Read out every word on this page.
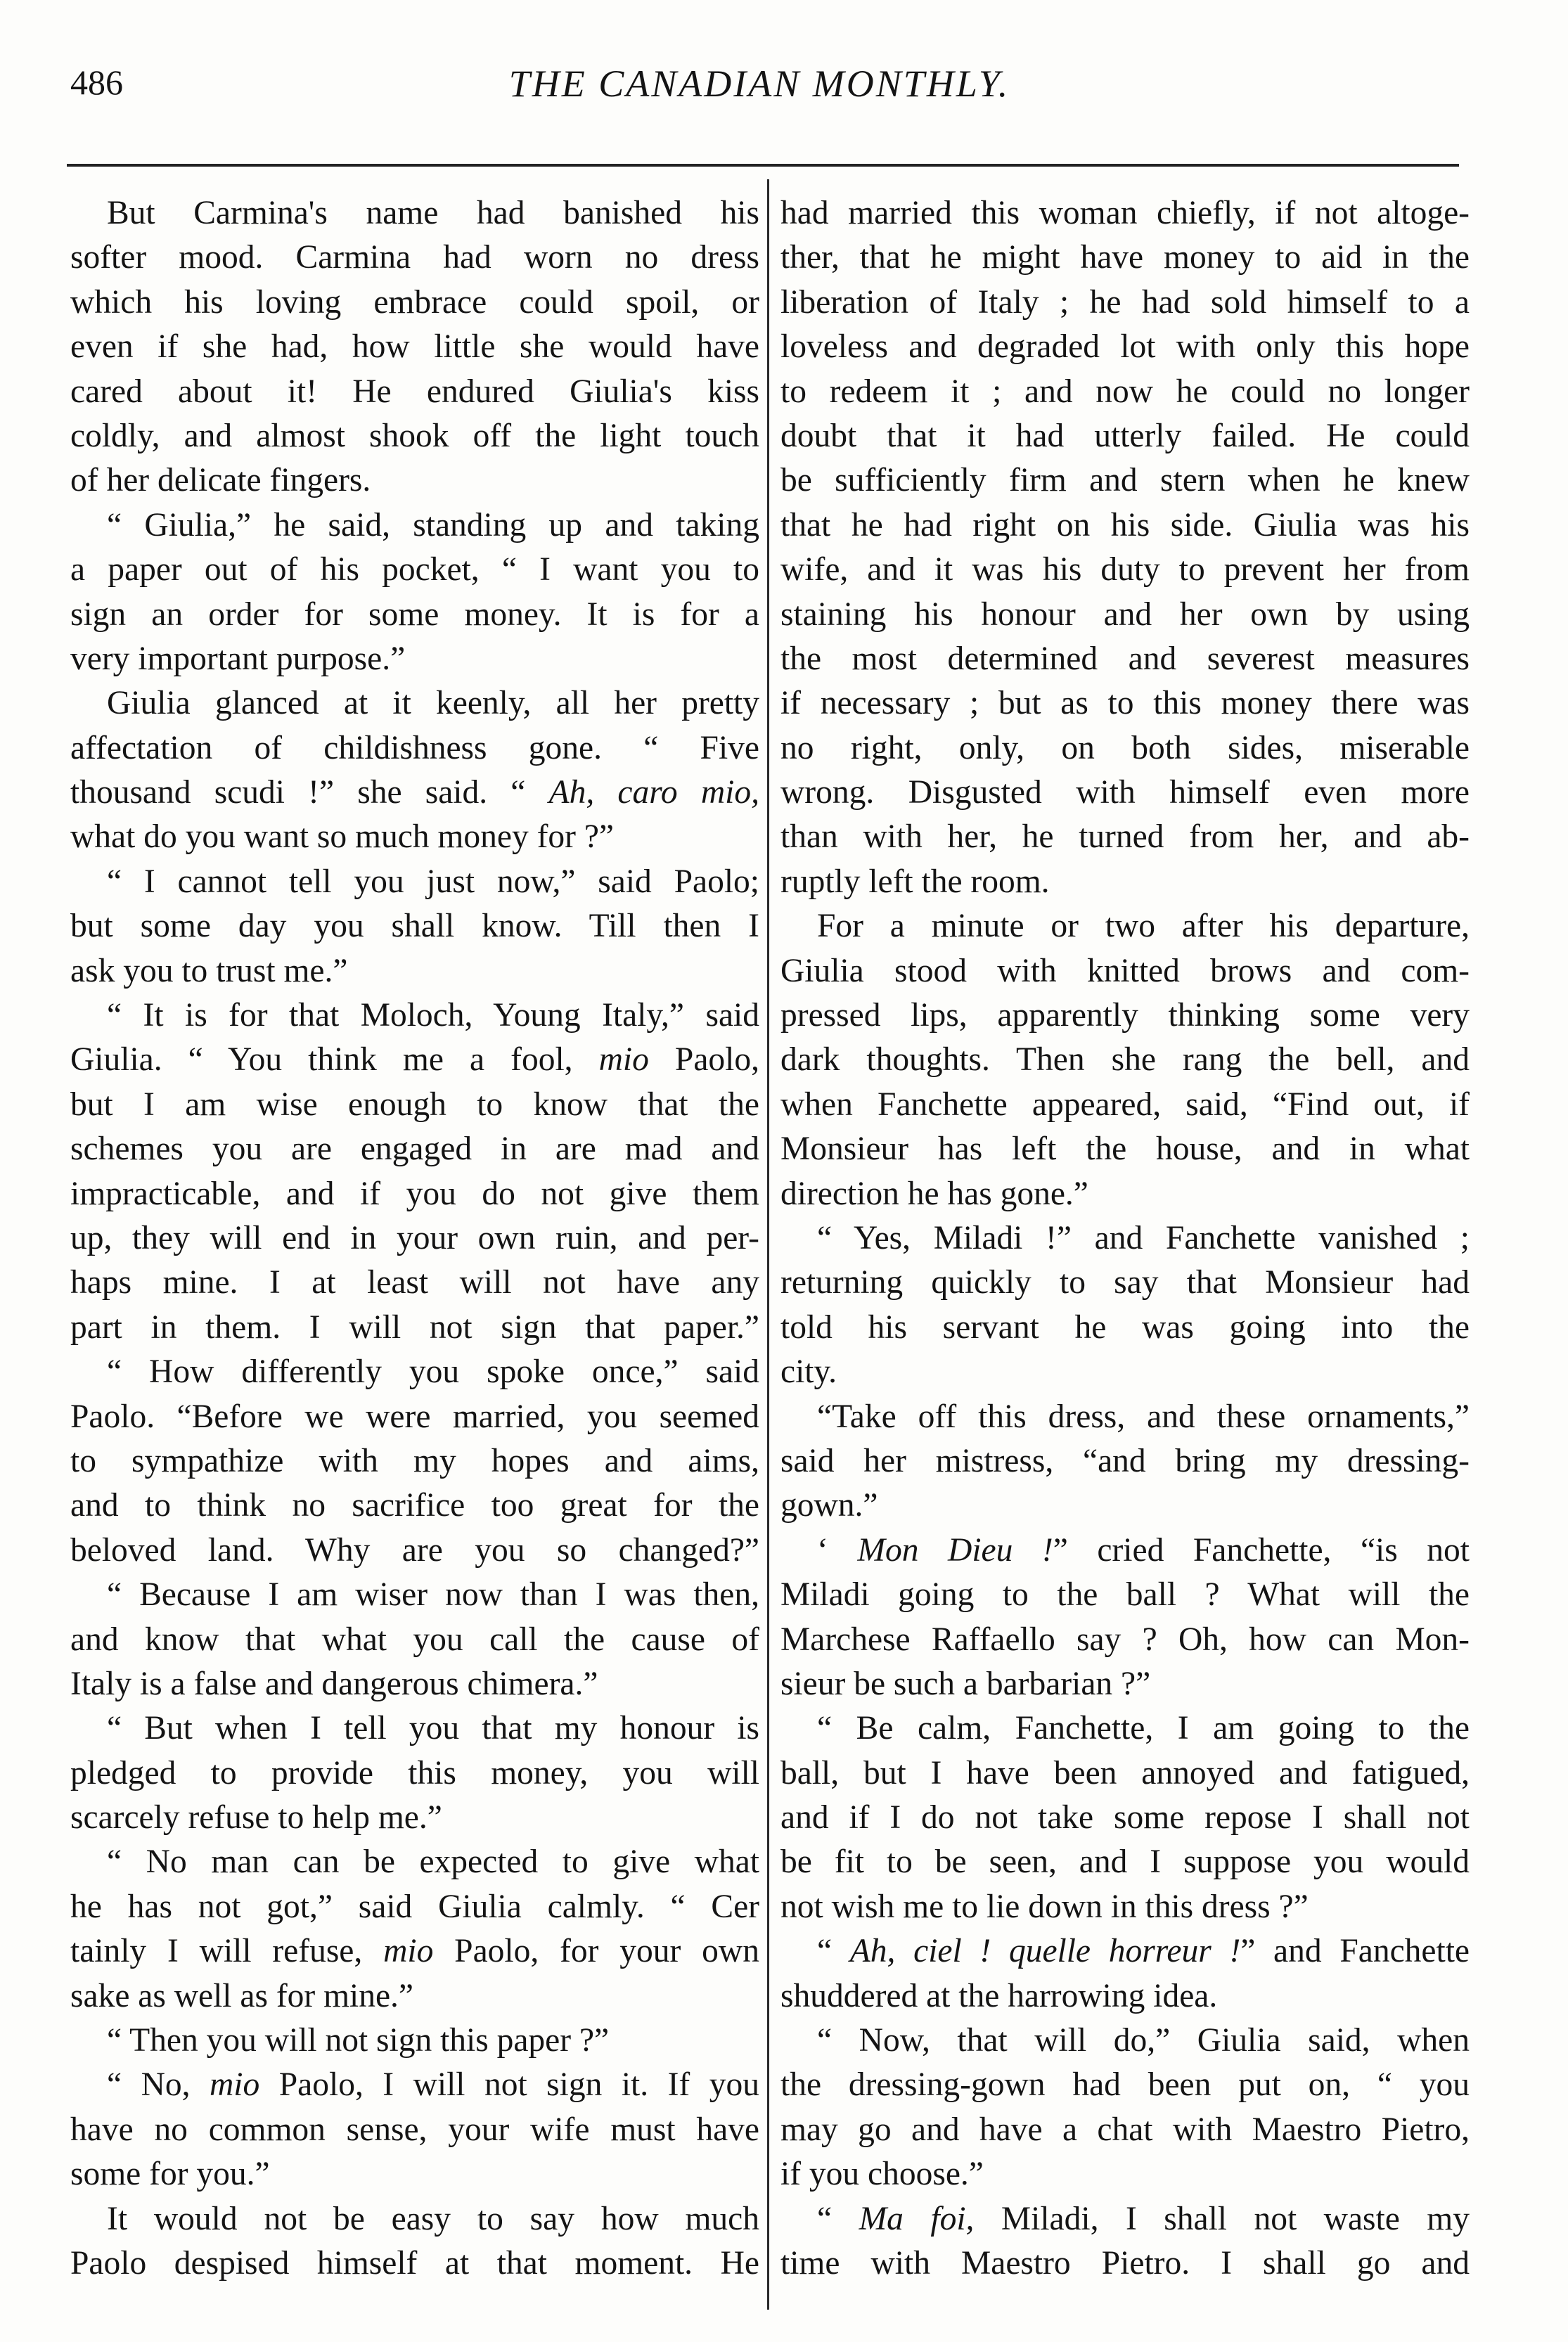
486	THE CANADIAN MONTHLY.
But Carmina's name had banished his
softer mood. Carmina had worn no dress
which his loving embrace could spoil, or
even if she had, how little she would have
cared about it! He endured Giulia's kiss
coldly, and almost shook off the light touch
of her delicate fingers.
“ Giulia,” he said, standing up and taking
a paper out of his pocket, “ I want you to
sign an order for some money. It is for a
very important purpose.”
Giulia glanced at it keenly, all her pretty
affectation of childishness gone. “ Five
thousand scudi !” she said. “ Ah, caro mio,
what do you want so much money for ?”
“ I cannot tell you just now,” said Paolo;
but some day you shall know. Till then I
ask you to trust me.”
“ It is for that Moloch, Young Italy,” said
Giulia. “ You think me a fool, mio Paolo,
but I am wise enough to know that the
schemes you are engaged in are mad and
impracticable, and if you do not give them
up, they will end in your own ruin, and per-
haps mine. I at least will not have any
part in them. I will not sign that paper.”
“ How differently you spoke once,” said
Paolo. “Before we were married, you seemed
to sympathize with my hopes and aims,
and to think no sacrifice too great for the
beloved land. Why are you so changed?”
“ Because I am wiser now than I was then,
and know that what you call the cause of
Italy is a false and dangerous chimera.”
“ But when I tell you that my honour is
pledged to provide this money, you will
scarcely refuse to help me.”
“ No man can be expected to give what
he has not got,” said Giulia calmly. “ Cer
tainly I will refuse, mio Paolo, for your own
sake as well as for mine.”
“ Then you will not sign this paper ?”
“ No, mio Paolo, I will not sign it. If you
have no common sense, your wife must have
some for you.”
It would not be easy to say how much
Paolo despised himself at that moment. He
had married this woman chiefly, if not altoge-
ther, that he might have money to aid in the
liberation of Italy ; he had sold himself to a
loveless and degraded lot with only this hope
to redeem it ; and now he could no longer
doubt that it had utterly failed. He could
be sufficiently firm and stern when he knew
that he had right on his side. Giulia was his
wife, and it was his duty to prevent her from
staining his honour and her own by using
the most determined and severest measures
if necessary ; but as to this money there was
no right, only, on both sides, miserable
wrong. Disgusted with himself even more
than with her, he turned from her, and ab-
ruptly left the room.
For a minute or two after his departure,
Giulia stood with knitted brows and com-
pressed lips, apparently thinking some very
dark thoughts. Then she rang the bell, and
when Fanchette appeared, said, “Find out, if
Monsieur has left the house, and in what
direction he has gone.”
“ Yes, Miladi !” and Fanchette vanished ;
returning quickly to say that Monsieur had
told his servant he was going into the
city.
“Take off this dress, and these ornaments,”
said her mistress, “and bring my dressing-
gown.”
‘ Mon Dieu !” cried Fanchette, “is not
Miladi going to the ball ? What will the
Marchese Raffaello say ? Oh, how can Mon-
sieur be such a barbarian ?”
“ Be calm, Fanchette, I am going to the
ball, but I have been annoyed and fatigued,
and if I do not take some repose I shall not
be fit to be seen, and I suppose you would
not wish me to lie down in this dress ?”
“ Ah, ciel ! quelle horreur !” and Fanchette
shuddered at the harrowing idea.
“ Now, that will do,” Giulia said, when
the dressing-gown had been put on, “ you
may go and have a chat with Maestro Pietro,
if you choose.”
“ Ma foi, Miladi, I shall not waste my
time with Maestro Pietro. I shall go and
